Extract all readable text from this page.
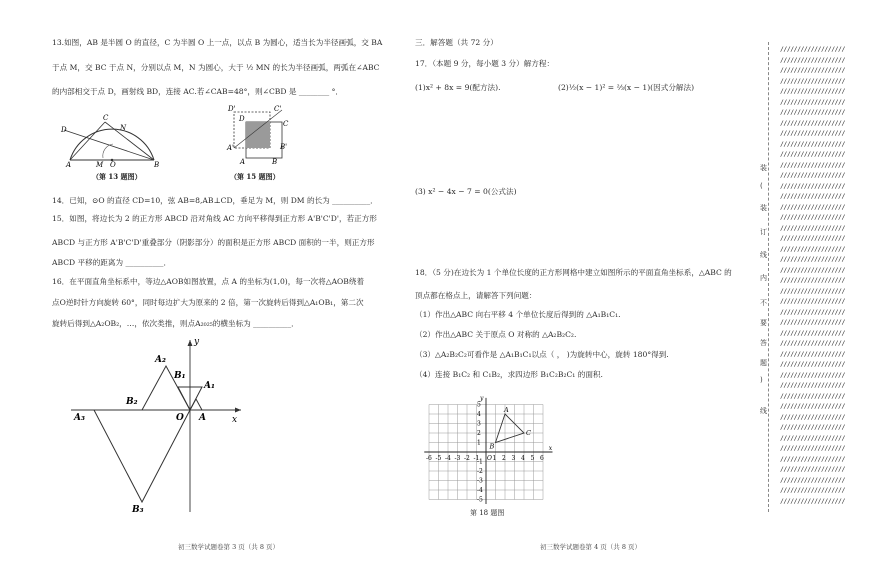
13.如图，AB 是半圆 O 的直径，C 为半圆 O 上一点，以点 B 为圆心，适当长为半径画弧，交 BA
于点 M，交 BC 于点 N，分别以点 M，N 为圆心，大于 ½ MN 的长为半径画弧，两弧在∠ABC
的内部相交于点 D，画射线 BD，连接 AC.若∠CAB=48°，则∠CBD 是 ________ °．
A	B
C
D
M
N
O
（第 13 题图）
D'	C'
D
C
A'	B'
A	B
（第 15 题图）
14．已知，⊙O 的直径 CD=10，弦 AB=8,AB⊥CD，垂足为 M，则 DM 的长为 __________．
15．如图，将边长为 2 的正方形 ABCD 沿对角线 AC 方向平移得到正方形 A'B'C'D'，若正方形
ABCD 与正方形 A'B'C'D'重叠部分（阴影部分）的面积是正方形 ABCD 面积的一半，则正方形
ABCD 平移的距离为 __________．
16．在平面直角坐标系中，等边△AOB如图放置，点 A 的坐标为(1,0)，每一次将△AOB绕着
点O逆时针方向旋转 60°，同时每边扩大为原来的 2 倍，第一次旋转后得到△A₁OB₁，第二次
旋转后得到△A₂OB₂，…，依次类推，则点A₂₀₂₅的横坐标为 __________．
y
x
O A
A₁
B₁
A₂
B₂
A₃
B₃
初三数学试题卷第 3 页（共 8 页）
三．解答题（共 72 分）
17．（本题 9 分，每小题 3 分）解方程：
(1)x² + 8x = 9(配方法).	(2)½(x − 1)² = ⅔(x − 1)(因式分解法)
(3) x² − 4x − 7 = 0(公式法)
18．（5 分)在边长为 1 个单位长度的正方形网格中建立如图所示的平面直角坐标系，△ABC 的
顶点都在格点上，请解答下列问题：
（1）作出△ABC 向右平移 4 个单位长度后得到的 △A₁B₁C₁.
（2）作出△ABC 关于原点 O 对称的 △A₂B₂C₂.
（3）△A₂B₂C₂可看作是 △A₁B₁C₁以点（ ， )为旋转中心，旋转 180°得到.
（4）连接 B₁C₂ 和 C₁B₂，求四边形 B₁C₂B₂C₁ 的面积.
-6 -5 -4 -3 -2 -1 1 2 3 4 5 6
5
4
3
2
1
-1
-2
-3
-4
-5
O
x
y
A
B
C
第 18 题图
初三数学试题卷第 4 页（共 8 页）
///////////////////
///////////////////
///////////////////
///////////////////
///////////////////
///////////////////
///////////////////
///////////////////
///////////////////
///////////////////
///////////////////
///////////////////
///////////////////
///////////////////
///////////////////
///////////////////
///////////////////
///////////////////
///////////////////
///////////////////
///////////////////
///////////////////
///////////////////
///////////////////
///////////////////
///////////////////
///////////////////
///////////////////
///////////////////
///////////////////
///////////////////
///////////////////
///////////////////
///////////////////
///////////////////
///////////////////
///////////////////
///////////////////
///////////////////
///////////////////
///////////////////
///////////////////
///////////////////
///////////////////
装
(
装
订
线
内
不
要
答
题
)
线
